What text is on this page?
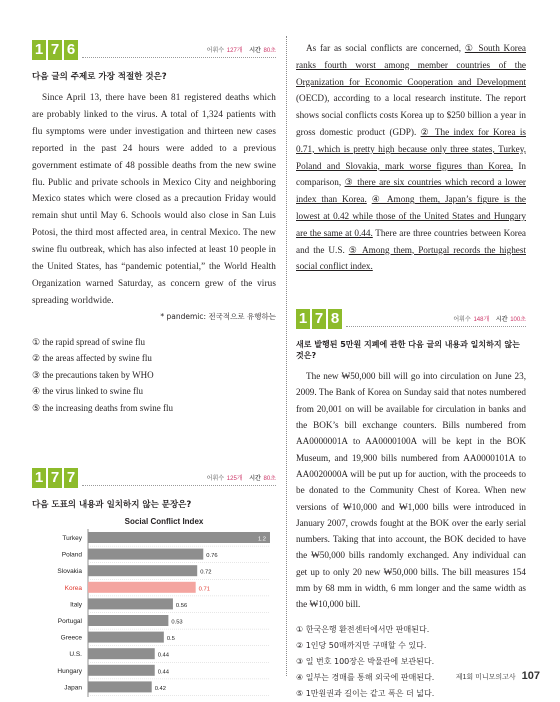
1 7 6	어휘수 127개 시간 80초
다음 글의 주제로 가장 적절한 것은?

Since April 13, there have been 81 registered deaths which are probably linked to the virus. A total of 1,324 patients with flu symptoms were under investigation and thirteen new cases reported in the past 24 hours were added to a previous government estimate of 48 possible deaths from the new swine flu. Public and private schools in Mexico City and neighboring Mexico states which were closed as a precaution Friday would remain shut until May 6. Schools would also close in San Luis Potosi, the third most affected area, in central Mexico. The new swine flu outbreak, which has also infected at least 10 people in the United States, has “pandemic potential,” the World Health Organization warned Saturday, as concern grew of the virus spreading worldwide.

* pandemic: 전국적으로 유행하는
① the rapid spread of swine flu
② the areas affected by swine flu
③ the precautions taken by WHO
④ the virus linked to swine flu
⑤ the increasing deaths from swine flu
1 7 7	어휘수 125개 시간 80초
다음 도표의 내용과 일치하지 않는 문장은?
Social Conflict Index
Turkey	1.2
Poland	0.76
Slovakia	0.72
Korea	0.71
Italy	0.56
Portugal	0.53
Greece	0.5
U.S.	0.44
Hungary	0.44
Japan	0.42

As far as social conflicts are concerned, ① South Korea ranks fourth worst among member countries of the Organization for Economic Cooperation and Development (OECD), according to a local research institute. The report shows social conflicts costs Korea up to $250 billion a year in gross domestic product (GDP). ② The index for Korea is 0.71, which is pretty high because only three states, Turkey, Poland and Slovakia, mark worse figures than Korea. In comparison, ③ there are six countries which record a lower index than Korea. ④ Among them, Japan’s figure is the lowest at 0.42 while those of the United States and Hungary are the same at 0.44. There are three countries between Korea and the U.S. ⑤ Among them, Portugal records the highest social conflict index.

1 7 8	어휘수 148개 시간 100초
새로 발행된 5만원 지폐에 관한 다음 글의 내용과 일치하지 않는 것은?

The new ₩50,000 bill will go into circulation on June 23, 2009. The Bank of Korea on Sunday said that notes numbered from 20,001 on will be available for circulation in banks and the BOK’s bill exchange counters. Bills numbered from AA0000001A to AA0000100A will be kept in the BOK Museum, and 19,900 bills numbered from AA0000101A to AA0020000A will be put up for auction, with the proceeds to be donated to the Community Chest of Korea. When new versions of ₩10,000 and ₩1,000 bills were introduced in January 2007, crowds fought at the BOK over the early serial numbers. Taking that into account, the BOK decided to have the ₩50,000 bills randomly exchanged. Any individual can get up to only 20 new ₩50,000 bills. The bill measures 154 mm by 68 mm in width, 6 mm longer and the same width as the ₩10,000 bill.

① 한국은행 환전센터에서만 판매된다.
② 1인당 50매까지만 구매할 수 있다.
③ 일 번호 100장은 박물관에 보관된다.
④ 일부는 경매를 통해 외국에 판매된다.
⑤ 1만원권과 길이는 같고 폭은 더 넓다.
제1회 미니모의고사 107
